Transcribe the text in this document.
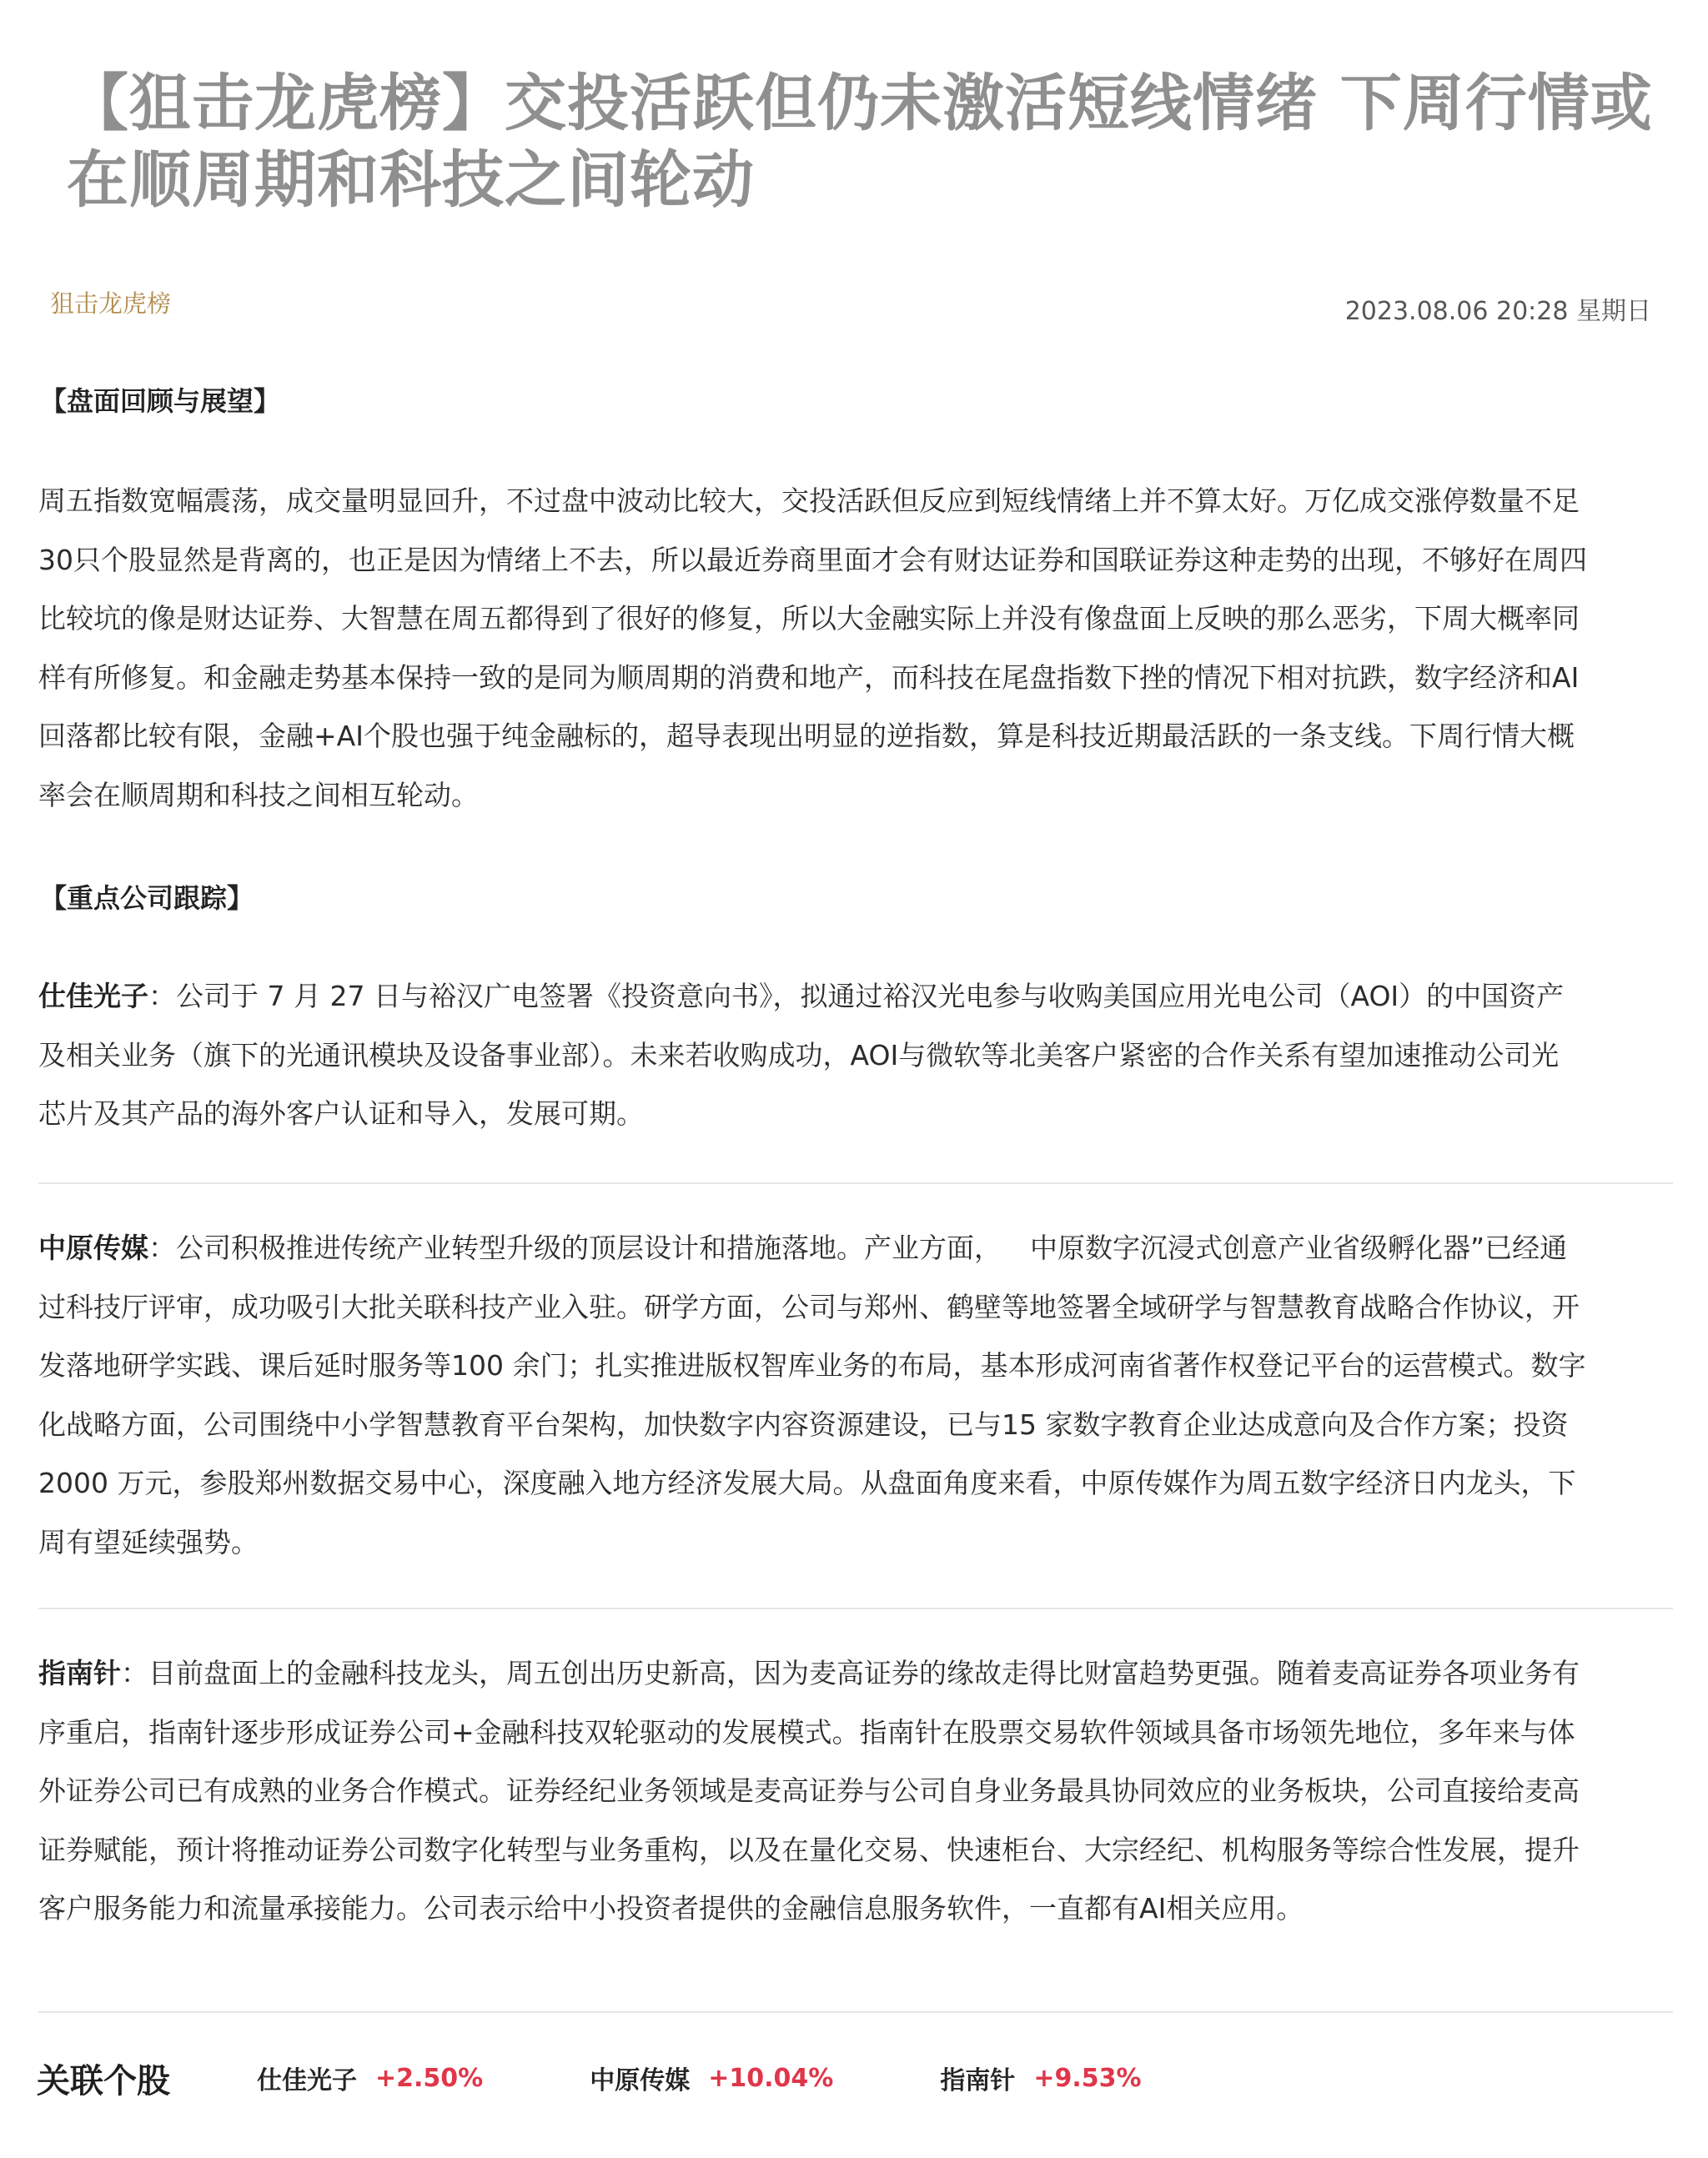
【狙击龙虎榜】交投活跃但仍未激活短线情绪 下周行情或
在顺周期和科技之间轮动
狙击龙虎榜	2023.08.06 20:28 星期日
【盘面回顾与展望】
周五指数宽幅震荡，成交量明显回升，不过盘中波动比较大，交投活跃但反应到短线情绪上并不算太好。万亿成交涨停数量不足
30只个股显然是背离的，也正是因为情绪上不去，所以最近券商里面才会有财达证券和国联证券这种走势的出现，不够好在周四
比较坑的像是财达证券、大智慧在周五都得到了很好的修复，所以大金融实际上并没有像盘面上反映的那么恶劣，下周大概率同
样有所修复。和金融走势基本保持一致的是同为顺周期的消费和地产，而科技在尾盘指数下挫的情况下相对抗跌，数字经济和AI
回落都比较有限，金融+AI个股也强于纯金融标的，超导表现出明显的逆指数，算是科技近期最活跃的一条支线。下周行情大概
率会在顺周期和科技之间相互轮动。
【重点公司跟踪】
仕佳光子：公司于 7 月 27 日与裕汉广电签署《投资意向书》，拟通过裕汉光电参与收购美国应用光电公司（AOI）的中国资产
及相关业务（旗下的光通讯模块及设备事业部）。未来若收购成功，AOI与微软等北美客户紧密的合作关系有望加速推动公司光
芯片及其产品的海外客户认证和导入，发展可期。
中原传媒：公司积极推进传统产业转型升级的顶层设计和措施落地。产业方面， 中原数字沉浸式创意产业省级孵化器”已经通
过科技厅评审，成功吸引大批关联科技产业入驻。研学方面，公司与郑州、鹤壁等地签署全域研学与智慧教育战略合作协议，开
发落地研学实践、课后延时服务等100 余门；扎实推进版权智库业务的布局，基本形成河南省著作权登记平台的运营模式。数字
化战略方面，公司围绕中小学智慧教育平台架构，加快数字内容资源建设，已与15 家数字教育企业达成意向及合作方案；投资
2000 万元，参股郑州数据交易中心，深度融入地方经济发展大局。从盘面角度来看，中原传媒作为周五数字经济日内龙头，下
周有望延续强势。
指南针：目前盘面上的金融科技龙头，周五创出历史新高，因为麦高证券的缘故走得比财富趋势更强。随着麦高证券各项业务有
序重启，指南针逐步形成证券公司+金融科技双轮驱动的发展模式。指南针在股票交易软件领域具备市场领先地位，多年来与体
外证券公司已有成熟的业务合作模式。证券经纪业务领域是麦高证券与公司自身业务最具协同效应的业务板块，公司直接给麦高
证券赋能，预计将推动证券公司数字化转型与业务重构，以及在量化交易、快速柜台、大宗经纪、机构服务等综合性发展，提升
客户服务能力和流量承接能力。公司表示给中小投资者提供的金融信息服务软件，一直都有AI相关应用。
关联个股	仕佳光子 +2.50%	中原传媒 +10.04%	指南针 +9.53%
